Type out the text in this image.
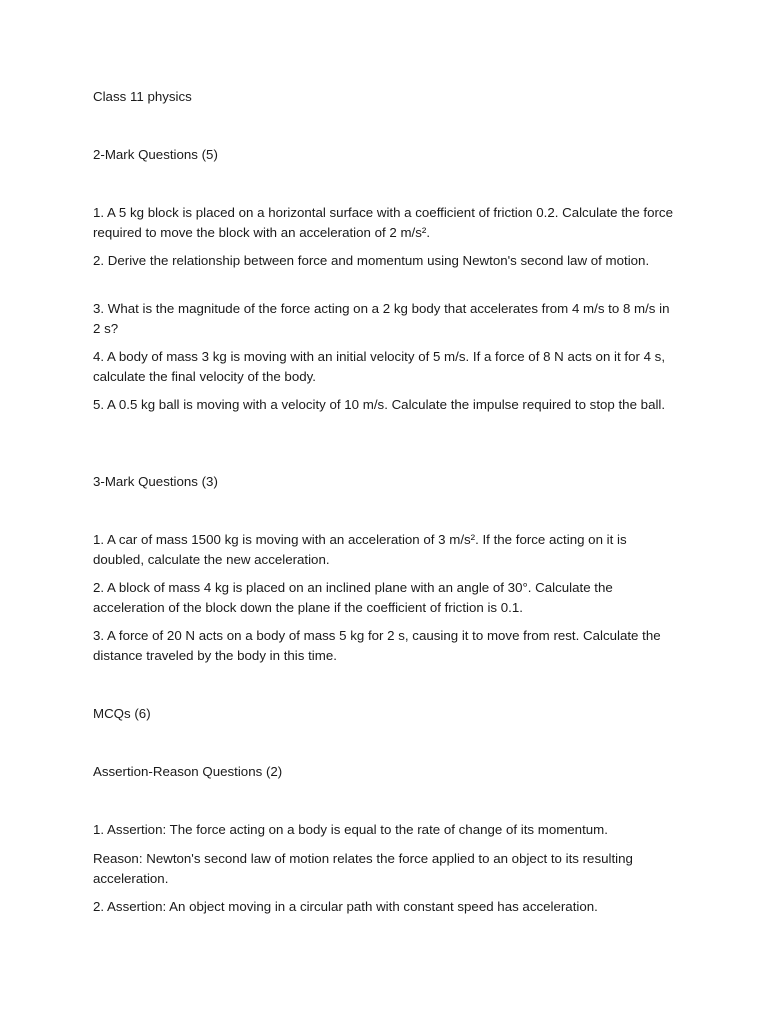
Class 11 physics

2-Mark Questions (5)

1. A 5 kg block is placed on a horizontal surface with a coefficient of friction 0.2. Calculate the force required to move the block with an acceleration of 2 m/s².

2. Derive the relationship between force and momentum using Newton's second law of motion.

3. What is the magnitude of the force acting on a 2 kg body that accelerates from 4 m/s to 8 m/s in 2 s?

4. A body of mass 3 kg is moving with an initial velocity of 5 m/s. If a force of 8 N acts on it for 4 s, calculate the final velocity of the body.

5. A 0.5 kg ball is moving with a velocity of 10 m/s. Calculate the impulse required to stop the ball.

3-Mark Questions (3)

1. A car of mass 1500 kg is moving with an acceleration of 3 m/s². If the force acting on it is doubled, calculate the new acceleration.

2. A block of mass 4 kg is placed on an inclined plane with an angle of 30°. Calculate the acceleration of the block down the plane if the coefficient of friction is 0.1.

3. A force of 20 N acts on a body of mass 5 kg for 2 s, causing it to move from rest. Calculate the distance traveled by the body in this time.

MCQs (6)

Assertion-Reason Questions (2)

1. Assertion: The force acting on a body is equal to the rate of change of its momentum.

Reason: Newton's second law of motion relates the force applied to an object to its resulting acceleration.

2. Assertion: An object moving in a circular path with constant speed has acceleration.
